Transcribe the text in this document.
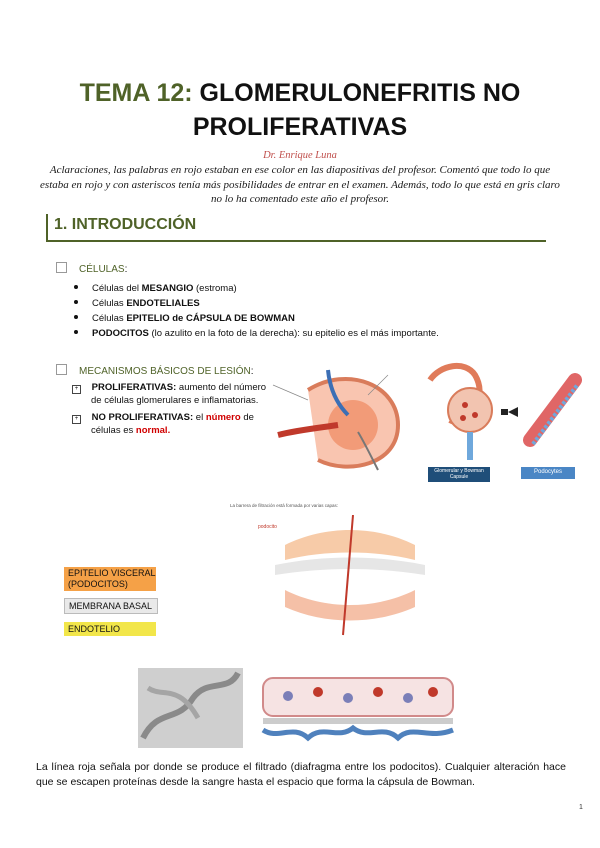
TEMA 12: GLOMERULONEFRITIS NO
PROLIFERATIVAS
Dr. Enrique Luna
Aclaraciones, las palabras en rojo estaban en ese color en las diapositivas del profesor. Comentó que todo lo que estaba en rojo y con asteriscos tenía más posibilidades de entrar en el examen. Además, todo lo que está en gris claro no lo ha comentado este año el profesor.
1. INTRODUCCIÓN
CÉLULAS:
Células del MESANGIO (estroma)
Células ENDOTELIALES
Células EPITELIO de CÁPSULA DE BOWMAN
PODOCITOS (lo azulito en la foto de la derecha): su epitelio es el más importante.
MECANISMOS BÁSICOS DE LESIÓN:
+ PROLIFERATIVAS: aumento del número
de células glomerulares e inflamatorias.
+ NO PROLIFERATIVAS: el número de
células es normal.
Glomerular y Bowman Capsule
Podocytes
La barrera de filtración está formada por varias capas:
podocito
EPITELIO VISCERAL (PODOCITOS)
MEMBRANA BASAL
ENDOTELIO
La línea roja señala por donde se produce el filtrado (diafragma entre los podocitos). Cualquier alteración hace que se escapen proteínas desde la sangre hasta el espacio que forma la cápsula de Bowman.
1
